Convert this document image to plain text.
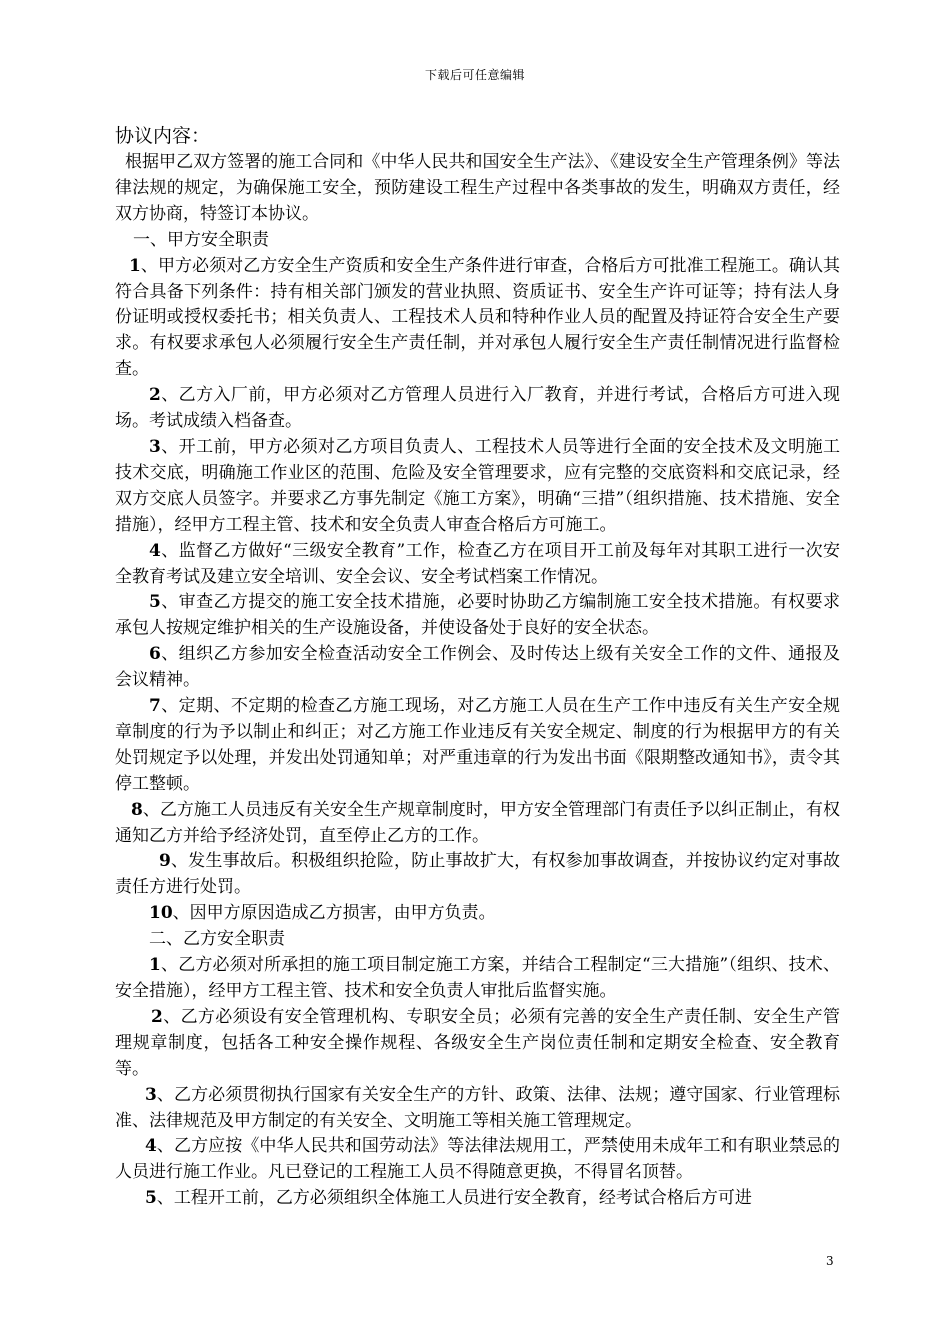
下载后可任意编辑

协议内容：

根据甲乙双方签署的施工合同和《中华人民共和国安全生产法》、《建设安全生产管理条例》等法律法规的规定，为确保施工安全，预防建设工程生产过程中各类事故的发生，明确双方责任，经双方协商，特签订本协议。

一、甲方安全职责

1、甲方必须对乙方安全生产资质和安全生产条件进行审查，合格后方可批准工程施工。确认其符合具备下列条件：持有相关部门颁发的营业执照、资质证书、安全生产许可证等；持有法人身份证明或授权委托书；相关负责人、工程技术人员和特种作业人员的配置及持证符合安全生产要求。有权要求承包人必须履行安全生产责任制，并对承包人履行安全生产责任制情况进行监督检查。

2、乙方入厂前，甲方必须对乙方管理人员进行入厂教育，并进行考试，合格后方可进入现场。考试成绩入档备查。

3、开工前，甲方必须对乙方项目负责人、工程技术人员等进行全面的安全技术及文明施工技术交底，明确施工作业区的范围、危险及安全管理要求，应有完整的交底资料和交底记录，经双方交底人员签字。并要求乙方事先制定《施工方案》，明确“三措”（组织措施、技术措施、安全措施），经甲方工程主管、技术和安全负责人审查合格后方可施工。

4、监督乙方做好“三级安全教育”工作，检查乙方在项目开工前及每年对其职工进行一次安全教育考试及建立安全培训、安全会议、安全考试档案工作情况。

5、审查乙方提交的施工安全技术措施，必要时协助乙方编制施工安全技术措施。有权要求承包人按规定维护相关的生产设施设备，并使设备处于良好的安全状态。

6、组织乙方参加安全检查活动安全工作例会、及时传达上级有关安全工作的文件、通报及会议精神。

7、定期、不定期的检查乙方施工现场，对乙方施工人员在生产工作中违反有关生产安全规章制度的行为予以制止和纠正；对乙方施工作业违反有关安全规定、制度的行为根据甲方的有关处罚规定予以处理，并发出处罚通知单；对严重违章的行为发出书面《限期整改通知书》，责令其停工整顿。

8、乙方施工人员违反有关安全生产规章制度时，甲方安全管理部门有责任予以纠正制止，有权通知乙方并给予经济处罚，直至停止乙方的工作。

9、发生事故后。积极组织抢险，防止事故扩大，有权参加事故调查，并按协议约定对事故责任方进行处罚。

10、因甲方原因造成乙方损害，由甲方负责。

二、乙方安全职责

1、乙方必须对所承担的施工项目制定施工方案，并结合工程制定“三大措施”（组织、技术、安全措施），经甲方工程主管、技术和安全负责人审批后监督实施。

2、乙方必须设有安全管理机构、专职安全员；必须有完善的安全生产责任制、安全生产管理规章制度，包括各工种安全操作规程、各级安全生产岗位责任制和定期安全检查、安全教育等。

3、乙方必须贯彻执行国家有关安全生产的方针、政策、法律、法规；遵守国家、行业管理标准、法律规范及甲方制定的有关安全、文明施工等相关施工管理规定。

4、乙方应按《中华人民共和国劳动法》等法律法规用工，严禁使用未成年工和有职业禁忌的人员进行施工作业。凡已登记的工程施工人员不得随意更换，不得冒名顶替。

5、工程开工前，乙方必须组织全体施工人员进行安全教育，经考试合格后方可进

3
